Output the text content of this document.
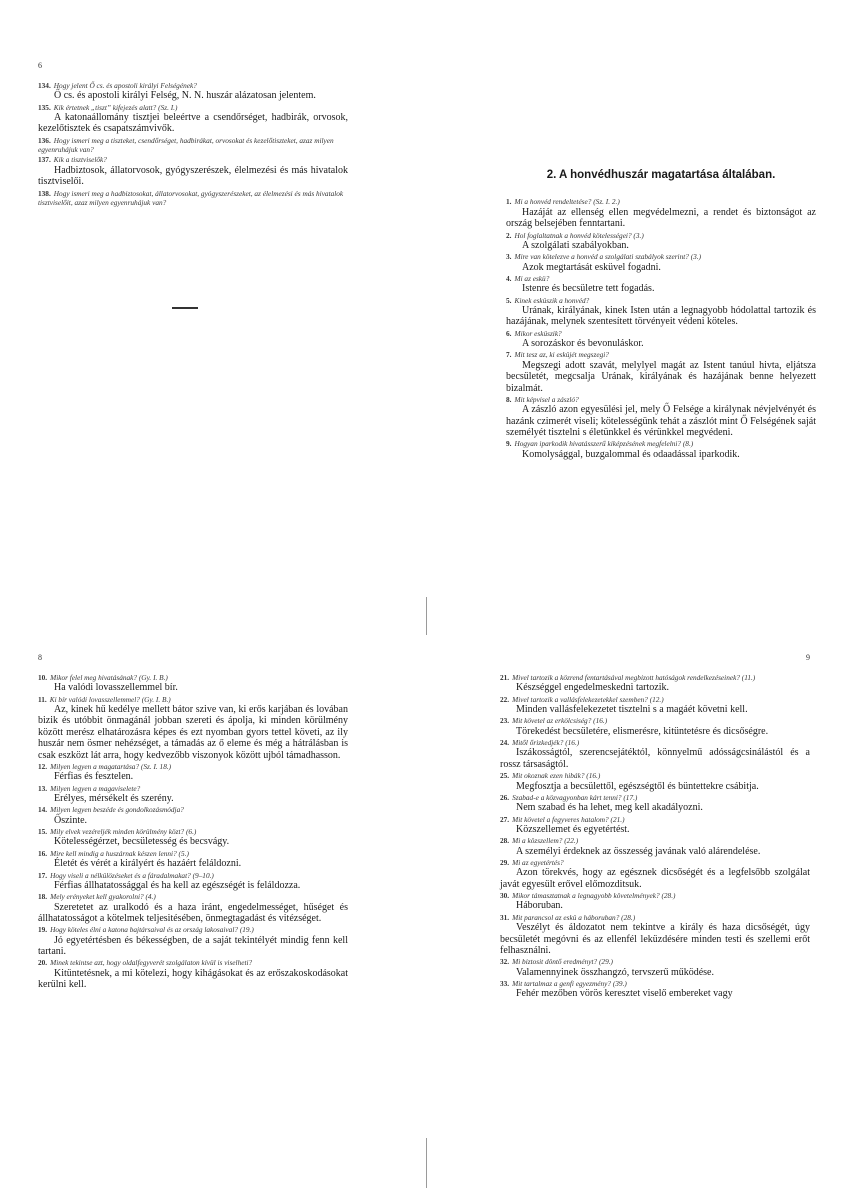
6
134. Hogy jelent Ő cs. és apostoli királyi Felségének?
Ő cs. és apostoli királyi Felség, N. N. huszár alázatosan jelentem.
135. Kik értetnek „tiszt” kifejezés alatt? (Sz. I.)
A katonaállomány tisztjei beleértve a csendőrséget, hadbirák, orvosok, kezelőtisztek és csapatszámvivők.
136. Hogy ismeri meg a tiszteket, csendőrséget, hadbirákat, orvosokat és kezelőtiszteket, azaz milyen egyenruhájuk van?
137. Kik a tisztviselők?
Hadbiztosok, állatorvosok, gyógyszerészek, élelmezési és más hivatalok tisztviselői.
138. Hogy ismeri meg a hadbiztosokat, állatorvosokat, gyógyszerészeket, az élelmezési és más hivatalok tisztviselőit, azaz milyen egyenruhájuk van?
2. A honvédhuszár magatartása általában.
1. Mi a honvéd rendeltetése? (Sz. I. 2.)
Hazáját az ellenség ellen megvédelmezni, a rendet és biztonságot az ország belsejében fenntartani.
2. Hol foglaltatnak a honvéd kötelességei? (3.)
A szolgálati szabályokban.
3. Mire van kötelezve a honvéd a szolgálati szabályok szerint? (3.)
Azok megtartását esküvel fogadni.
4. Mi az eskü?
Istenre és becsületre tett fogadás.
5. Kinek esküszik a honvéd?
Urának, királyának, kinek Isten után a legnagyobb hódolattal tartozik és hazájának, melynek szentesített törvényeit védeni köteles.
6. Mikor esküszik?
A sorozáskor és bevonuláskor.
7. Mit tesz az, ki esküjét megszegi?
Megszegi adott szavát, melylyel magát az Istent tanúul hivta, eljátsza becsületét, megcsalja Urának, királyának és hazájának benne helyezett bizalmát.
8. Mit képvisel a zászló?
A zászló azon egyesülési jel, mely Ő Felsége a királynak névjelvényét és hazánk czimerét viseli; kötelességünk tehát a zászlót mint Ő Felségének saját személyét tisztelni s életünkkel és vérünkkel megvédeni.
9. Hogyan iparkodik hivatásszerű kiképzésének megfelelni? (8.)
Komolysággal, buzgalommal és odaadással iparkodik.
8
10. Mikor felel meg hivatásának? (Gy. I. B.)
Ha valódi lovasszellemmel bír.
11. Ki bír valódi lovasszellemmel? (Gy. I. B.)
Az, kinek hű kedélye mellett bátor szive van, ki erős karjában és lovában bizik és utóbbit önmagánál jobban szereti és ápolja, ki minden körülmény között merész elhatározásra képes és ezt nyomban gyors tettel követi, az ily huszár nem ösmer nehézséget, a támadás az ő eleme és még a hátrálásban is csak eszközt lát arra, hogy kedvezőbb viszonyok között ujból támadhasson.
12. Milyen legyen a magatartása? (Sz. I. 18.)
Férfias és fesztelen.
13. Milyen legyen a magaviselete?
Erélyes, mérsékelt és szerény.
14. Milyen legyen beszéde és gondolkozásmódja?
Őszinte.
15. Mily elvek vezéreljék minden körülmény közt? (6.)
Kötelességérzet, becsületesség és becsvágy.
16. Mire kell mindig a huszárnak készen lenni? (5.)
Életét és vérét a királyért és hazáért feláldozni.
17. Hogy viseli a nélkülözéseket és a fáradalmakat? (9–10.)
Férfias állhatatossággal és ha kell az egészségét is feláldozza.
18. Mely erényeket kell gyakorolni? (4.)
Szeretetet az uralkodó és a haza iránt, engedelmességet, hűséget és állhatatosságot a kötelmek teljesitésében, önmegtagadást és vitézséget.
19. Hogy köteles élni a katona bajtársaival és az ország lakosaival? (19.)
Jó egyetértésben és békességben, de a saját tekintélyét mindig fenn kell tartani.
20. Minek tekintse azt, hogy oldalfegyverét szolgálaton kívül is viselheti?
Kitüntetésnek, a mi kötelezi, hogy kihágásokat és az erőszakoskodásokat kerülni kell.
9
21. Mivel tartozik a közrend fentartásával megbizott hatóságok rendelkezéseinek? (11.)
Készséggel engedelmeskedni tartozik.
22. Mivel tartozik a vallásfelekezetekkel szemben? (12.)
Minden vallásfelekezetet tisztelni s a magáét követni kell.
23. Mit követel az erkölcsiség? (16.)
Törekedést becsületére, elismerésre, kitüntetésre és dicsőségre.
24. Mitől őrizkedjék? (16.)
Iszákosságtól, szerencsejátéktól, könnyelmű adósságcsinálástól és a rossz társaságtól.
25. Mit okoznak ezen hibák? (16.)
Megfosztja a becsülettől, egészségtől és büntettekre csábitja.
26. Szabad-e a közvagyonban kárt tenni? (17.)
Nem szabad és ha lehet, meg kell akadályozni.
27. Mit követel a fegyveres hatalom? (21.)
Közszellemet és egyetértést.
28. Mi a közszellem? (22.)
A személyi érdeknek az összesség javának való alárendelése.
29. Mi az egyetértés?
Azon törekvés, hogy az egésznek dicsőségét és a legfelsőbb szolgálat javát egyesült erővel előmozditsuk.
30. Mikor támasztatnak a legnagyobb követelmények? (28.)
Háboruban.
31. Mit parancsol az eskü a háboruban? (28.)
Veszélyt és áldozatot nem tekintve a király és haza dicsőségét, úgy becsületét megóvni és az ellenfél leküzdésére minden testi és szellemi erőt felhasználni.
32. Mi biztosit döntő eredményt? (29.)
Valamennyinek összhangzó, tervszerű működése.
33. Mit tartalmaz a genfi egyezmény? (39.)
Fehér mezőben vörös keresztet viselő embereket vagy
